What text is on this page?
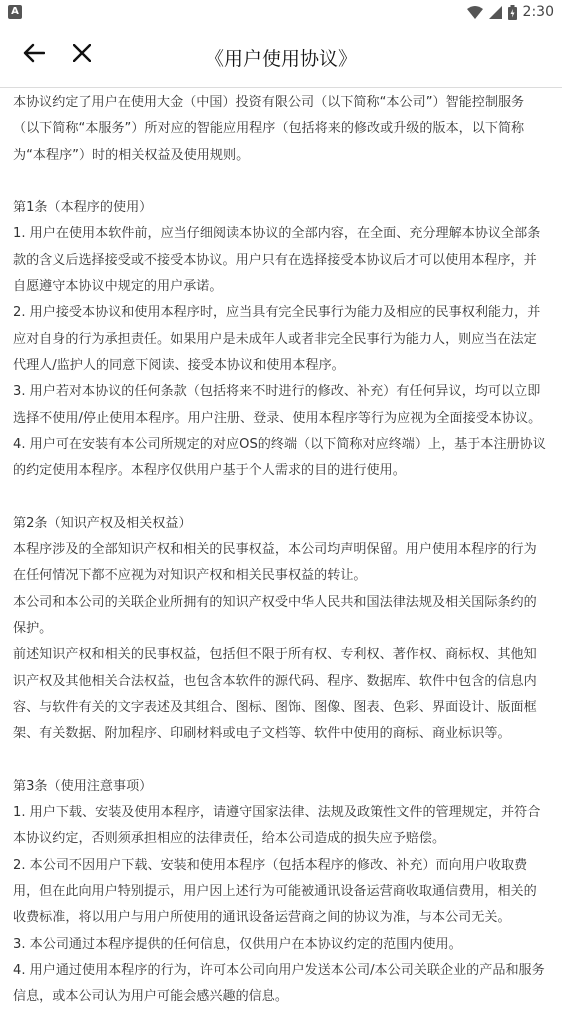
A	2:30
《用户使用协议》

本协议约定了用户在使用大金（中国）投资有限公司（以下简称“本公司”）智能控制服务（以下简称“本服务”）所对应的智能应用程序（包括将来的修改或升级的版本，以下简称为“本程序”）时的相关权益及使用规则。

第1条（本程序的使用）

1. 用户在使用本软件前，应当仔细阅读本协议的全部内容，在全面、充分理解本协议全部条款的含义后选择接受或不接受本协议。用户只有在选择接受本协议后才可以使用本程序，并自愿遵守本协议中规定的用户承诺。

2. 用户接受本协议和使用本程序时，应当具有完全民事行为能力及相应的民事权利能力，并应对自身的行为承担责任。如果用户是未成年人或者非完全民事行为能力人，则应当在法定代理人/监护人的同意下阅读、接受本协议和使用本程序。

3. 用户若对本协议的任何条款（包括将来不时进行的修改、补充）有任何异议，均可以立即选择不使用/停止使用本程序。用户注册、登录、使用本程序等行为应视为全面接受本协议。

4. 用户可在安装有本公司所规定的对应OS的终端（以下简称对应终端）上，基于本注册协议的约定使用本程序。本程序仅供用户基于个人需求的目的进行使用。

第2条（知识产权及相关权益）

本程序涉及的全部知识产权和相关的民事权益，本公司均声明保留。用户使用本程序的行为在任何情况下都不应视为对知识产权和相关民事权益的转让。

本公司和本公司的关联企业所拥有的知识产权受中华人民共和国法律法规及相关国际条约的保护。

前述知识产权和相关的民事权益，包括但不限于所有权、专利权、著作权、商标权、其他知识产权及其他相关合法权益，也包含本软件的源代码、程序、数据库、软件中包含的信息内容、与软件有关的文字表述及其组合、图标、图饰、图像、图表、色彩、界面设计、版面框架、有关数据、附加程序、印刷材料或电子文档等、软件中使用的商标、商业标识等。

第3条（使用注意事项）

1. 用户下载、安装及使用本程序，请遵守国家法律、法规及政策性文件的管理规定，并符合本协议约定，否则须承担相应的法律责任，给本公司造成的损失应予赔偿。

2. 本公司不因用户下载、安装和使用本程序（包括本程序的修改、补充）而向用户收取费用，但在此向用户特别提示，用户因上述行为可能被通讯设备运营商收取通信费用，相关的收费标准，将以用户与用户所使用的通讯设备运营商之间的协议为准，与本公司无关。

3. 本公司通过本程序提供的任何信息，仅供用户在本协议约定的范围内使用。

4. 用户通过使用本程序的行为，许可本公司向用户发送本公司/本公司关联企业的产品和服务信息，或本公司认为用户可能会感兴趣的信息。
